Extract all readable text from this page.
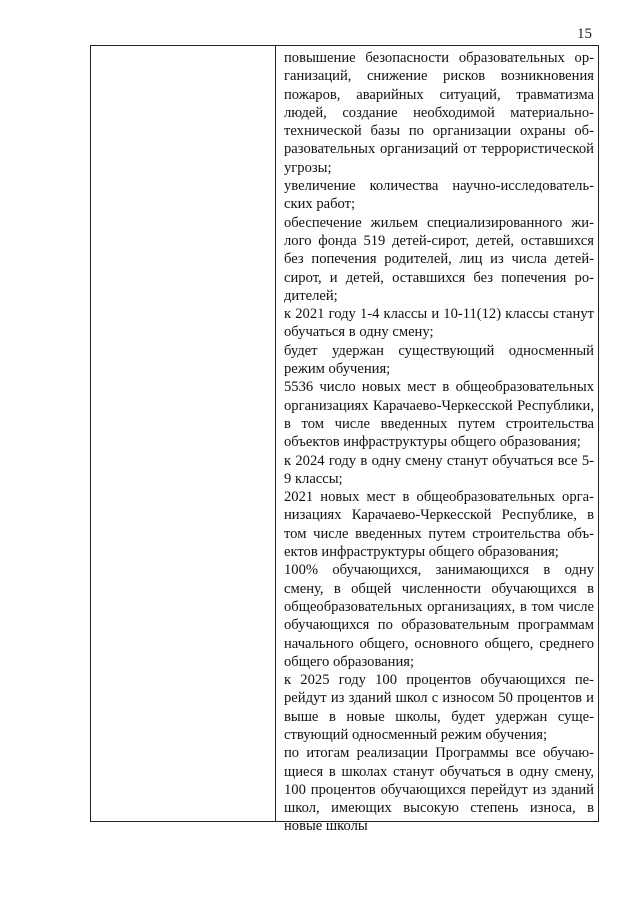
15

повышение безопасности образовательных организаций, снижение рисков возникновения пожаров, аварийных ситуаций, травматизма людей, создание необходимой материально-технической базы по организации охраны образовательных организаций от террористической угрозы;

увеличение количества научно-исследовательских работ;

обеспечение жильем специализированного жилого фонда 519 детей-сирот, детей, оставшихся без попечения родителей, лиц из числа детей-сирот, и детей, оставшихся без попечения родителей;

к 2021 году 1-4 классы и 10-11(12) классы станут обучаться в одну смену;

будет удержан существующий односменный режим обучения;

5536 число новых мест в общеобразовательных организациях Карачаево-Черкесской Республики, в том числе введенных путем строительства объектов инфраструктуры общего образования;

к 2024 году в одну смену станут обучаться все 5-9 классы;

2021 новых мест в общеобразовательных организациях Карачаево-Черкесской Республике, в том числе введенных путем строительства объектов инфраструктуры общего образования;

100% обучающихся, занимающихся в одну смену, в общей численности обучающихся в общеобразовательных организациях, в том числе обучающихся по образовательным программам начального общего, основного общего, среднего общего образования;

к 2025 году 100 процентов обучающихся перейдут из зданий школ с износом 50 процентов и выше в новые школы, будет удержан существующий односменный режим обучения;

по итогам реализации Программы все обучающиеся в школах станут обучаться в одну смену, 100 процентов обучающихся перейдут из зданий школ, имеющих высокую степень износа, в новые школы
